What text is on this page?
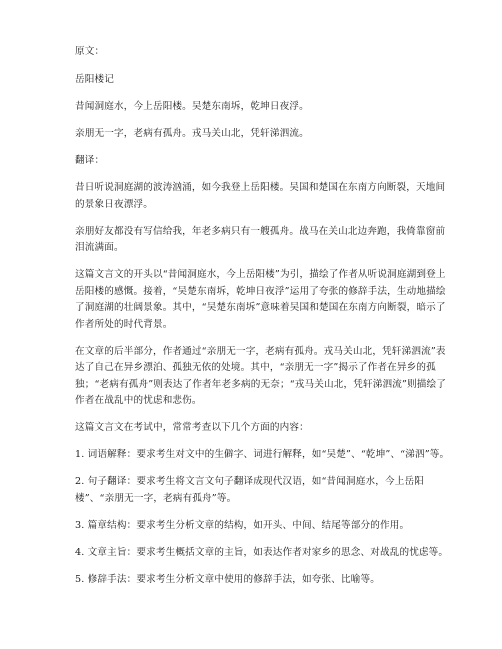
原文：

岳阳楼记

昔闻洞庭水，今上岳阳楼。吴楚东南坼，乾坤日夜浮。

亲朋无一字，老病有孤舟。戎马关山北，凭轩涕泗流。

翻译：

昔日听说洞庭湖的波涛汹涌，如今我登上岳阳楼。吴国和楚国在东南方向断裂，天地间的景象日夜漂浮。

亲朋好友都没有写信给我，年老多病只有一艘孤舟。战马在关山北边奔跑，我倚靠窗前泪流满面。

这篇文言文的开头以“昔闻洞庭水，今上岳阳楼”为引，描绘了作者从听说洞庭湖到登上岳阳楼的感慨。接着，“吴楚东南坼，乾坤日夜浮”运用了夸张的修辞手法，生动地描绘了洞庭湖的壮阔景象。其中，“吴楚东南坼”意味着吴国和楚国在东南方向断裂，暗示了作者所处的时代背景。

在文章的后半部分，作者通过“亲朋无一字，老病有孤舟。戎马关山北，凭轩涕泗流”表达了自己在异乡漂泊、孤独无依的处境。其中，“亲朋无一字”揭示了作者在异乡的孤独；“老病有孤舟”则表达了作者年老多病的无奈；“戎马关山北，凭轩涕泗流”则描绘了作者在战乱中的忧虑和悲伤。

这篇文言文在考试中，常常考查以下几个方面的内容：

1. 词语解释：要求考生对文中的生僻字、词进行解释，如“吴楚”、“乾坤”、“涕泗”等。

2. 句子翻译：要求考生将文言文句子翻译成现代汉语，如“昔闻洞庭水，今上岳阳楼”、“亲朋无一字，老病有孤舟”等。

3. 篇章结构：要求考生分析文章的结构，如开头、中间、结尾等部分的作用。

4. 文章主旨：要求考生概括文章的主旨，如表达作者对家乡的思念、对战乱的忧虑等。

5. 修辞手法：要求考生分析文章中使用的修辞手法，如夸张、比喻等。
